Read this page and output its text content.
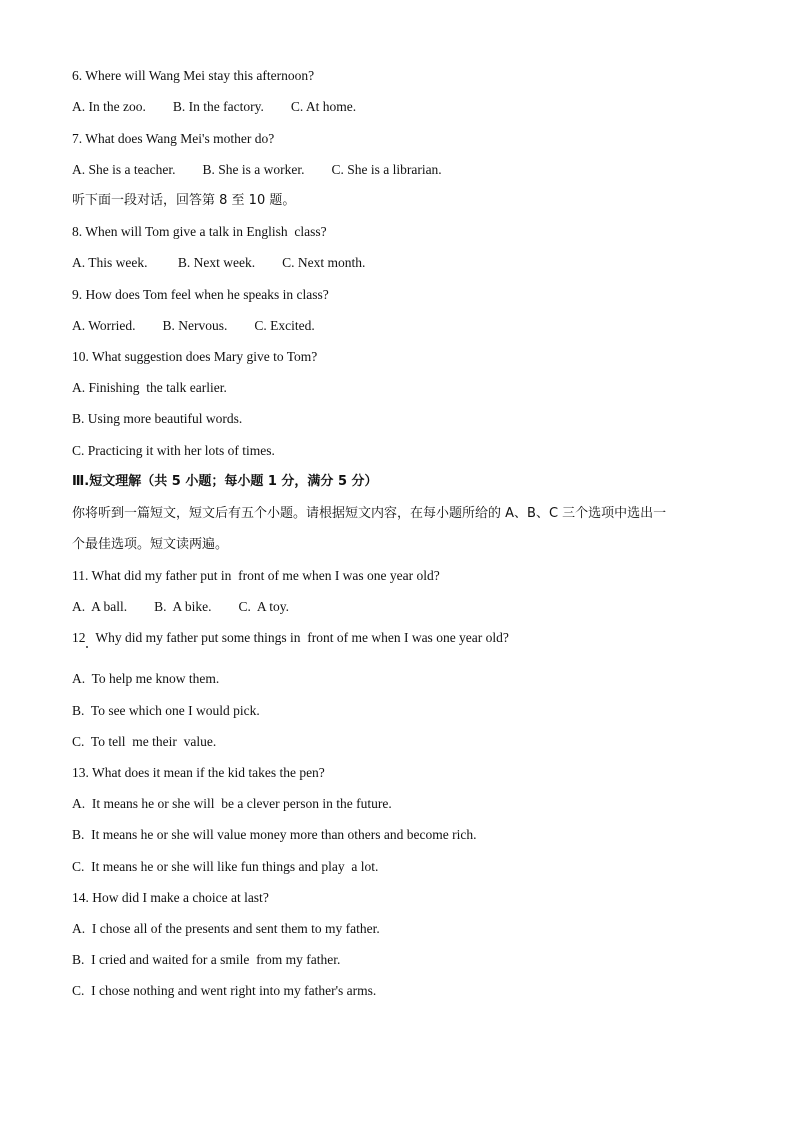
6. Where will Wang Mei stay this afternoon?

A. In the zoo.        B. In the factory.        C. At home.

7. What does Wang Mei's mother do?

A. She is a teacher.        B. She is a worker.        C. She is a librarian.

听下面一段对话，回答第 8 至 10 题。

8. When will Tom give a talk in English  class?

A. This week.         B. Next week.        C. Next month.

9. How does Tom feel when he speaks in class?

A. Worried.        B. Nervous.        C. Excited.

10. What suggestion does Mary give to Tom?

A. Finishing  the talk earlier.

B. Using more beautiful words.

C. Practicing it with her lots of times.

Ⅲ.短文理解（共 5 小题；每小题 1 分，满分 5 分）

你将听到一篇短文，短文后有五个小题。请根据短文内容，在每小题所给的 A、B、C 三个选项中选出一

个最佳选项。短文读两遍。

11. What did my father put in  front of me when I was one year old?

A.  A ball.        B.  A bike.        C.  A toy.

12   Why did my father put some things in  front of me when I was one year old?

A.  To help me know them.

B.  To see which one I would pick.

C.  To tell  me their  value.

13. What does it mean if the kid takes the pen?

A.  It means he or she will  be a clever person in the future.

B.  It means he or she will value money more than others and become rich.

C.  It means he or she will like fun things and play  a lot.

14. How did I make a choice at last?

A.  I chose all of the presents and sent them to my father.

B.  I cried and waited for a smile  from my father.

C.  I chose nothing and went right into my father's arms.
